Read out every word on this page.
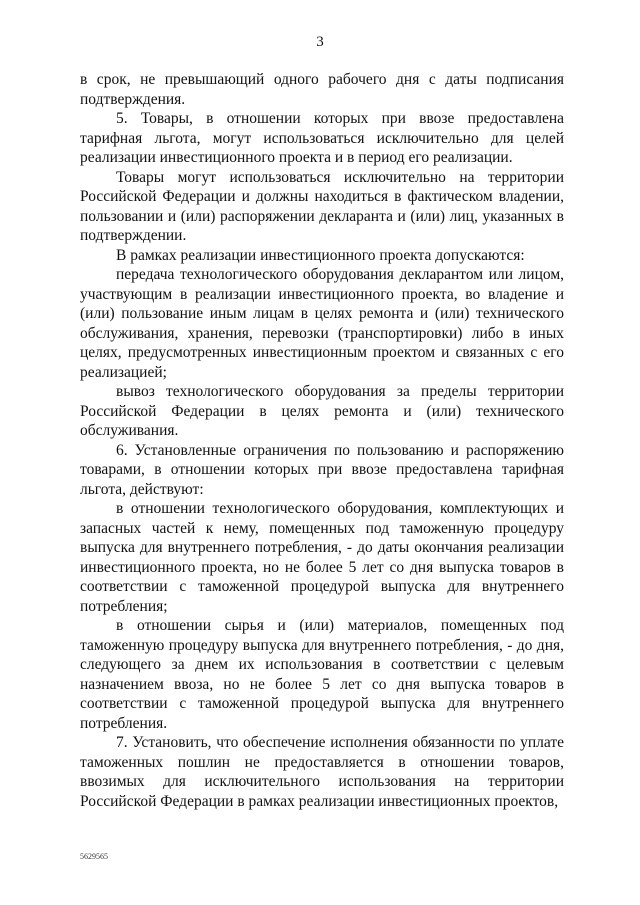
3

в срок, не превышающий одного рабочего дня с даты подписания подтверждения.

5. Товары, в отношении которых при ввозе предоставлена тарифная льгота, могут использоваться исключительно для целей реализации инвестиционного проекта и в период его реализации.

Товары могут использоваться исключительно на территории Российской Федерации и должны находиться в фактическом владении, пользовании и (или) распоряжении декларанта и (или) лиц, указанных в подтверждении.

В рамках реализации инвестиционного проекта допускаются:

передача технологического оборудования декларантом или лицом, участвующим в реализации инвестиционного проекта, во владение и (или) пользование иным лицам в целях ремонта и (или) технического обслуживания, хранения, перевозки (транспортировки) либо в иных целях, предусмотренных инвестиционным проектом и связанных с его реализацией;

вывоз технологического оборудования за пределы территории Российской Федерации в целях ремонта и (или) технического обслуживания.

6. Установленные ограничения по пользованию и распоряжению товарами, в отношении которых при ввозе предоставлена тарифная льгота, действуют:

в отношении технологического оборудования, комплектующих и запасных частей к нему, помещенных под таможенную процедуру выпуска для внутреннего потребления, - до даты окончания реализации инвестиционного проекта, но не более 5 лет со дня выпуска товаров в соответствии с таможенной процедурой выпуска для внутреннего потребления;

в отношении сырья и (или) материалов, помещенных под таможенную процедуру выпуска для внутреннего потребления, - до дня, следующего за днем их использования в соответствии с целевым назначением ввоза, но не более 5 лет со дня выпуска товаров в соответствии с таможенной процедурой выпуска для внутреннего потребления.

7. Установить, что обеспечение исполнения обязанности по уплате таможенных пошлин не предоставляется в отношении товаров, ввозимых для исключительного использования на территории Российской Федерации в рамках реализации инвестиционных проектов,

5629565
